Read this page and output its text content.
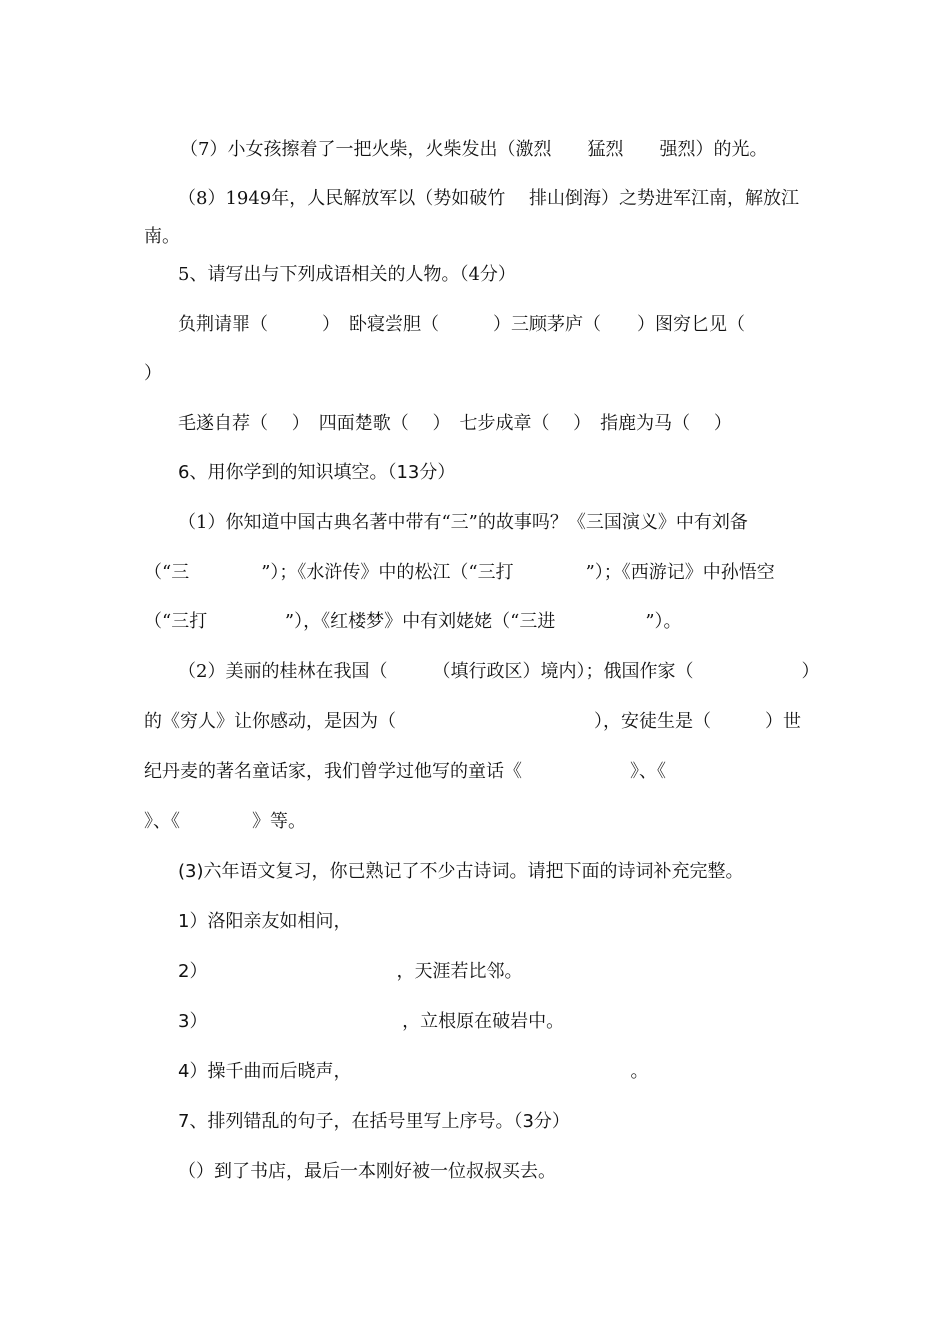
（7）小女孩擦着了一把火柴，火柴发出（激烈　　猛烈　　强烈）的光。
（8）1949年，人民解放军以（势如破竹　 排山倒海）之势进军江南，解放江
南。
5、请写出与下列成语相关的人物。（4分）
负荆请罪（　　　）　卧寝尝胆（　　　）三顾茅庐（　　）图穷匕见（
）
毛遂自荐（　 ）　四面楚歌（　 ）　七步成章（　 ）　指鹿为马（　 ）
6、用你学到的知识填空。（13分）
（1）你知道中国古典名著中带有“三”的故事吗？《三国演义》中有刘备
（“三　　　　”）；《水浒传》中的松江（“三打　　　　”）；《西游记》中孙悟空
（“三打　　　　 ”），《红楼梦》中有刘姥姥（“三进　　　　　”）。
（2）美丽的桂林在我国（　　　（填行政区）境内）；俄国作家（　　　　　　）
的《穷人》让你感动，是因为（　　　　　　　　　　　），安徒生是（　　　）世
纪丹麦的著名童话家，我们曾学过他写的童话《　　　　　　》、《
》、《　　　　》等。
(3)六年语文复习，你已熟记了不少古诗词。请把下面的诗词补充完整。
1）洛阳亲友如相问，
2）　　　　　　　　　　　，天涯若比邻。
3）　　　　　　　　　　　 ，立根原在破岩中。
4）操千曲而后晓声，　　　　　　　　　　　　　　　　。
7、排列错乱的句子，在括号里写上序号。（3分）
（）到了书店，最后一本刚好被一位叔叔买去。
